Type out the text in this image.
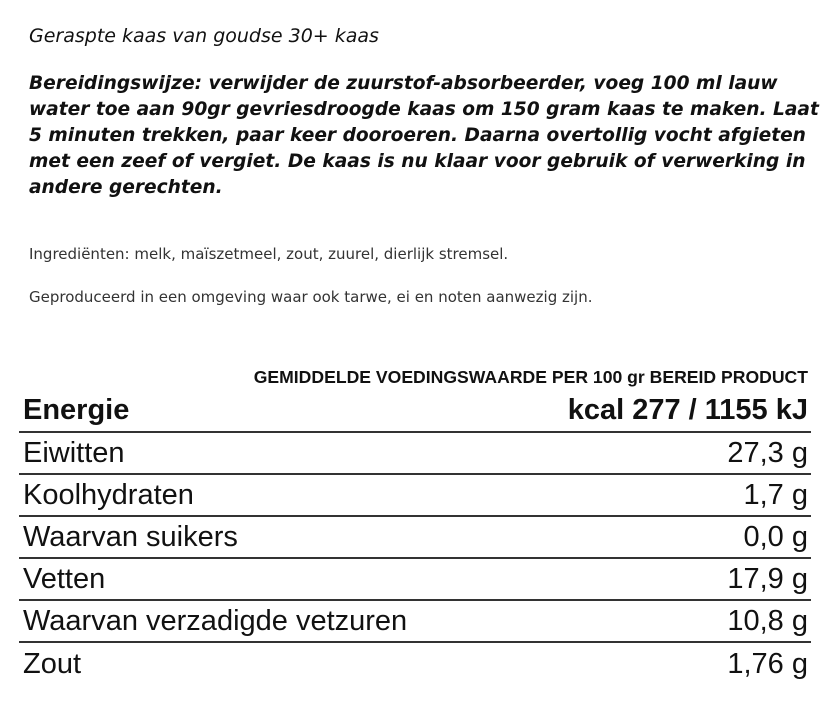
Geraspte kaas van goudse 30+ kaas
Bereidingswijze: verwijder de zuurstof-absorbeerder, voeg 100 ml lauw water toe aan 90gr gevriesdroogde kaas om 150 gram kaas te maken. Laat 5 minuten trekken, paar keer dooroeren. Daarna overtollig vocht afgieten met een zeef of vergiet. De kaas is nu klaar voor gebruik of verwerking in andere gerechten.
Ingrediënten: melk, maïszetmeel, zout, zuurel, dierlijk stremsel.
Geproduceerd in een omgeving waar ook tarwe, ei en noten aanwezig zijn.
GEMIDDELDE VOEDINGSWAARDE PER 100 gr BEREID PRODUCT
Energie	kcal 277 / 1155 kJ
Eiwitten	27,3 g
Koolhydraten	1,7 g
Waarvan suikers	0,0 g
Vetten	17,9 g
Waarvan verzadigde vetzuren	10,8 g
Zout	1,76 g
